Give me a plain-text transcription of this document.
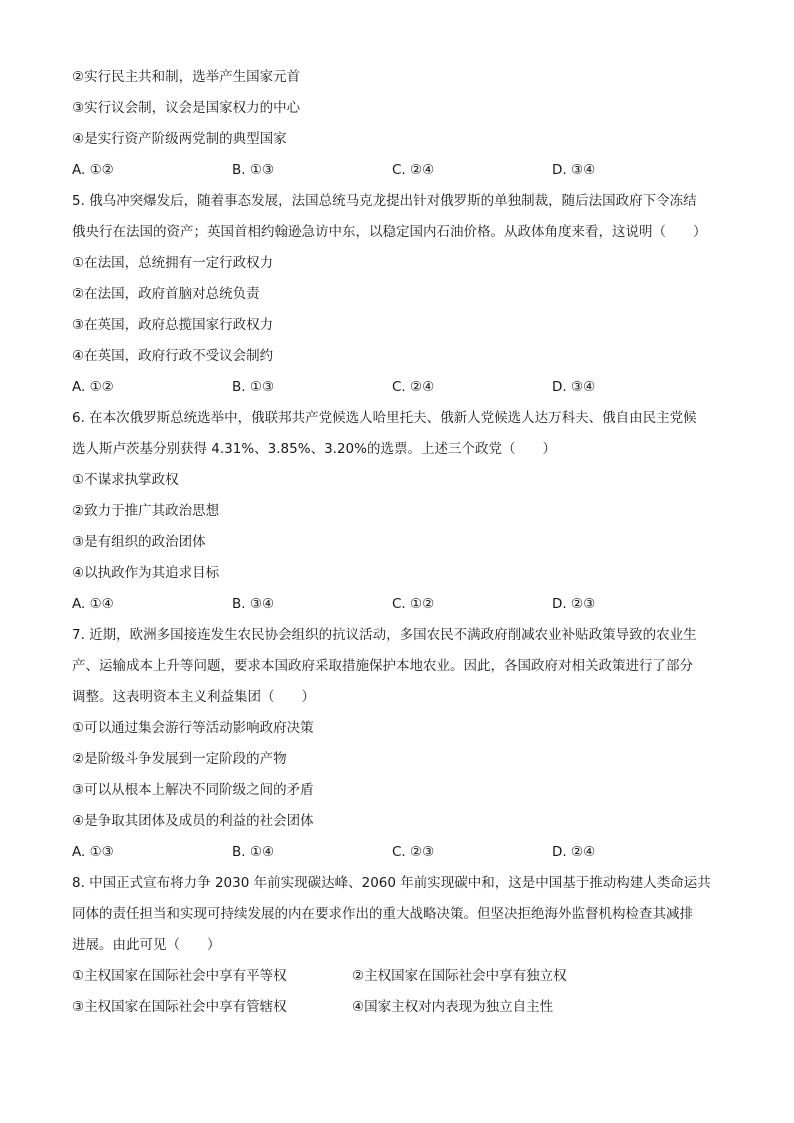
②实行民主共和制，选举产生国家元首
③实行议会制，议会是国家权力的中心
④是实行资产阶级两党制的典型国家
A. ①②	B. ①③	C. ②④	D. ③④
5. 俄乌冲突爆发后，随着事态发展，法国总统马克龙提出针对俄罗斯的单独制裁，随后法国政府下令冻结
俄央行在法国的资产；英国首相约翰逊急访中东，以稳定国内石油价格。从政体角度来看，这说明（　　）
①在法国，总统拥有一定行政权力
②在法国，政府首脑对总统负责
③在英国，政府总揽国家行政权力
④在英国，政府行政不受议会制约
A. ①②	B. ①③	C. ②④	D. ③④
6. 在本次俄罗斯总统选举中，俄联邦共产党候选人哈里托夫、俄新人党候选人达万科夫、俄自由民主党候
选人斯卢茨基分别获得 4.31%、3.85%、3.20%的选票。上述三个政党（　　）
①不谋求执掌政权
②致力于推广其政治思想
③是有组织的政治团体
④以执政作为其追求目标
A. ①④	B. ③④	C. ①②	D. ②③
7. 近期，欧洲多国接连发生农民协会组织的抗议活动，多国农民不满政府削减农业补贴政策导致的农业生
产、运输成本上升等问题，要求本国政府采取措施保护本地农业。因此，各国政府对相关政策进行了部分
调整。这表明资本主义利益集团（　　）
①可以通过集会游行等活动影响政府决策
②是阶级斗争发展到一定阶段的产物
③可以从根本上解决不同阶级之间的矛盾
④是争取其团体及成员的利益的社会团体
A. ①③	B. ①④	C. ②③	D. ②④
8. 中国正式宣布将力争 2030 年前实现碳达峰、2060 年前实现碳中和，这是中国基于推动构建人类命运共
同体的责任担当和实现可持续发展的内在要求作出的重大战略决策。但坚决拒绝海外监督机构检查其减排
进展。由此可见（　　）
①主权国家在国际社会中享有平等权	②主权国家在国际社会中享有独立权
③主权国家在国际社会中享有管辖权	④国家主权对内表现为独立自主性
